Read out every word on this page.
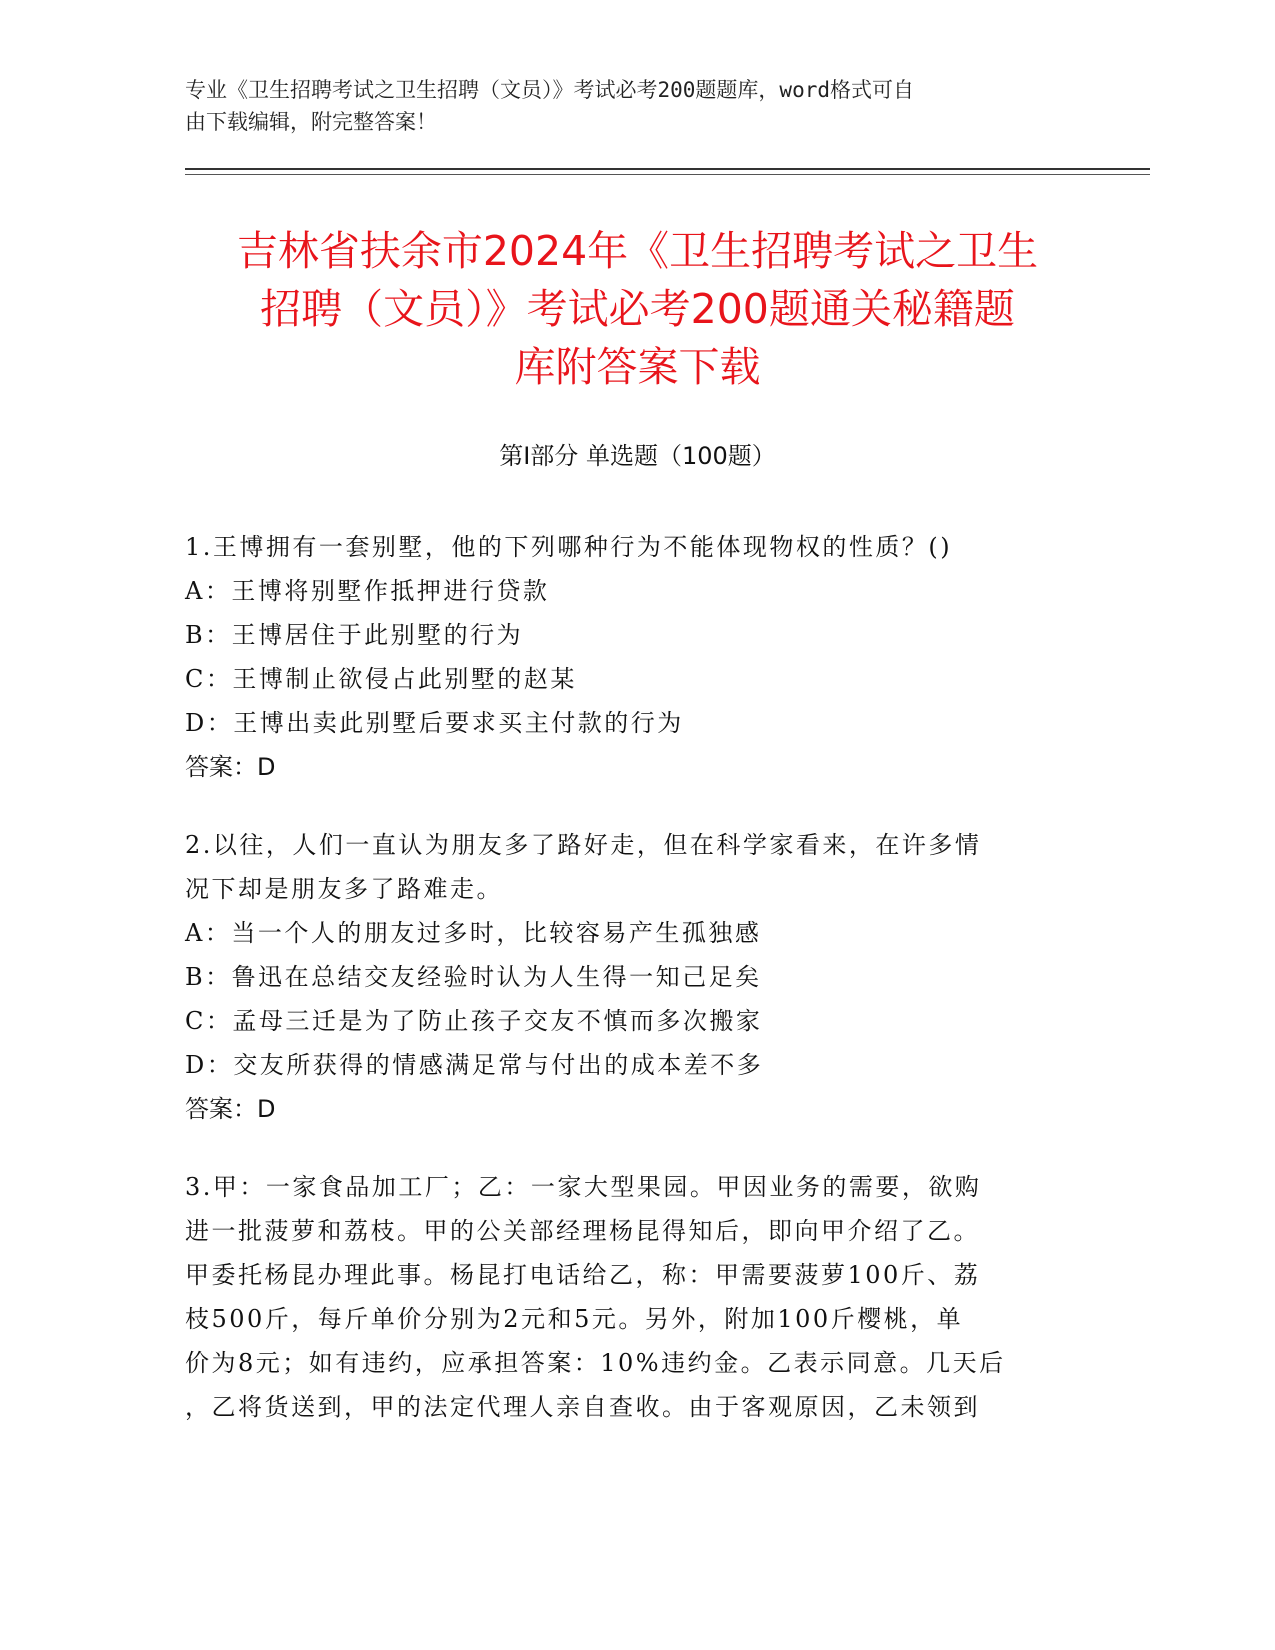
专业《卫生招聘考试之卫生招聘（文员）》考试必考200题题库，word格式可自
由下载编辑，附完整答案！
吉林省扶余市2024年《卫生招聘考试之卫生
招聘（文员）》考试必考200题通关秘籍题
库附答案下载
第Ⅰ部分 单选题（100题）
1.王博拥有一套别墅，他的下列哪种行为不能体现物权的性质？()
A：王博将别墅作抵押进行贷款
B：王博居住于此别墅的行为
C：王博制止欲侵占此别墅的赵某
D：王博出卖此别墅后要求买主付款的行为
答案：D
2.以往，人们一直认为朋友多了路好走，但在科学家看来，在许多情
况下却是朋友多了路难走。
A：当一个人的朋友过多时，比较容易产生孤独感
B：鲁迅在总结交友经验时认为人生得一知己足矣
C：孟母三迁是为了防止孩子交友不慎而多次搬家
D：交友所获得的情感满足常与付出的成本差不多
答案：D
3.甲：一家食品加工厂；乙：一家大型果园。甲因业务的需要，欲购
进一批菠萝和荔枝。甲的公关部经理杨昆得知后，即向甲介绍了乙。
甲委托杨昆办理此事。杨昆打电话给乙，称：甲需要菠萝100斤、荔
枝500斤，每斤单价分别为2元和5元。另外，附加100斤樱桃，单
价为8元；如有违约，应承担答案：10%违约金。乙表示同意。几天后
，乙将货送到，甲的法定代理人亲自查收。由于客观原因，乙未领到
